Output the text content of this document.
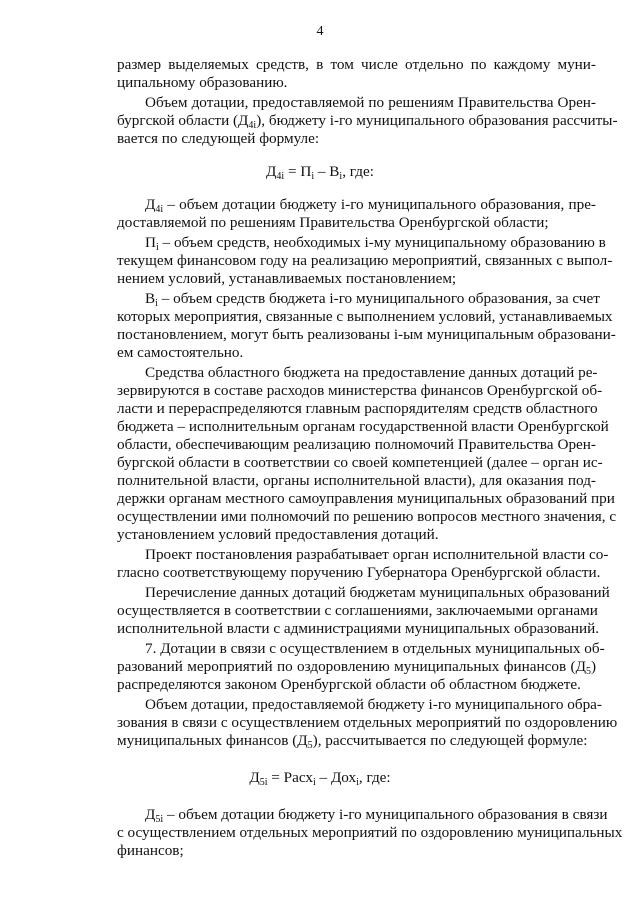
4
размер выделяемых средств, в том числе отдельно по каждому муни-
ципальному образованию.
Объем дотации, предоставляемой по решениям Правительства Орен-
бургской области $(Д_{4i})$, бюджету i-го муниципального образования рассчиты-
вается по следующей формуле:
$Д_{4i} = П_i - В_i$, где:
$Д_{4i}$ – объем дотации бюджету i-го муниципального образования, пре-
доставляемой по решениям Правительства Оренбургской области;
$П_i$ – объем средств, необходимых i-му муниципальному образованию в
текущем финансовом году на реализацию мероприятий, связанных с выпол-
нением условий, устанавливаемых постановлением;
$В_i$ – объем средств бюджета i-го муниципального образования, за счет
которых мероприятия, связанные с выполнением условий, устанавливаемых
постановлением, могут быть реализованы i-ым муниципальным образовани-
ем самостоятельно.
Средства областного бюджета на предоставление данных дотаций ре-
зервируются в составе расходов министерства финансов Оренбургской об-
ласти и перераспределяются главным распорядителям средств областного
бюджета – исполнительным органам государственной власти Оренбургской
области, обеспечивающим реализацию полномочий Правительства Орен-
бургской области в соответствии со своей компетенцией (далее – орган ис-
полнительной власти, органы исполнительной власти), для оказания под-
держки органам местного самоуправления муниципальных образований при
осуществлении ими полномочий по решению вопросов местного значения, с
установлением условий предоставления дотаций.
Проект постановления разрабатывает орган исполнительной власти со-
гласно соответствующему поручению Губернатора Оренбургской области.
Перечисление данных дотаций бюджетам муниципальных образований
осуществляется в соответствии с соглашениями, заключаемыми органами
исполнительной власти с администрациями муниципальных образований.
7. Дотации в связи с осуществлением в отдельных муниципальных об-
разований мероприятий по оздоровлению муниципальных финансов $(Д_5)$
распределяются законом Оренбургской области об областном бюджете.
Объем дотации, предоставляемой бюджету i-го муниципального обра-
зования в связи с осуществлением отдельных мероприятий по оздоровлению
муниципальных финансов $(Д_5)$, рассчитывается по следующей формуле:
$Д_{5i}$ = Расх$_i$ – Дох$_i$, где:
$Д_{5i}$ – объем дотации бюджету i-го муниципального образования в связи
с осуществлением отдельных мероприятий по оздоровлению муниципальных
финансов;
